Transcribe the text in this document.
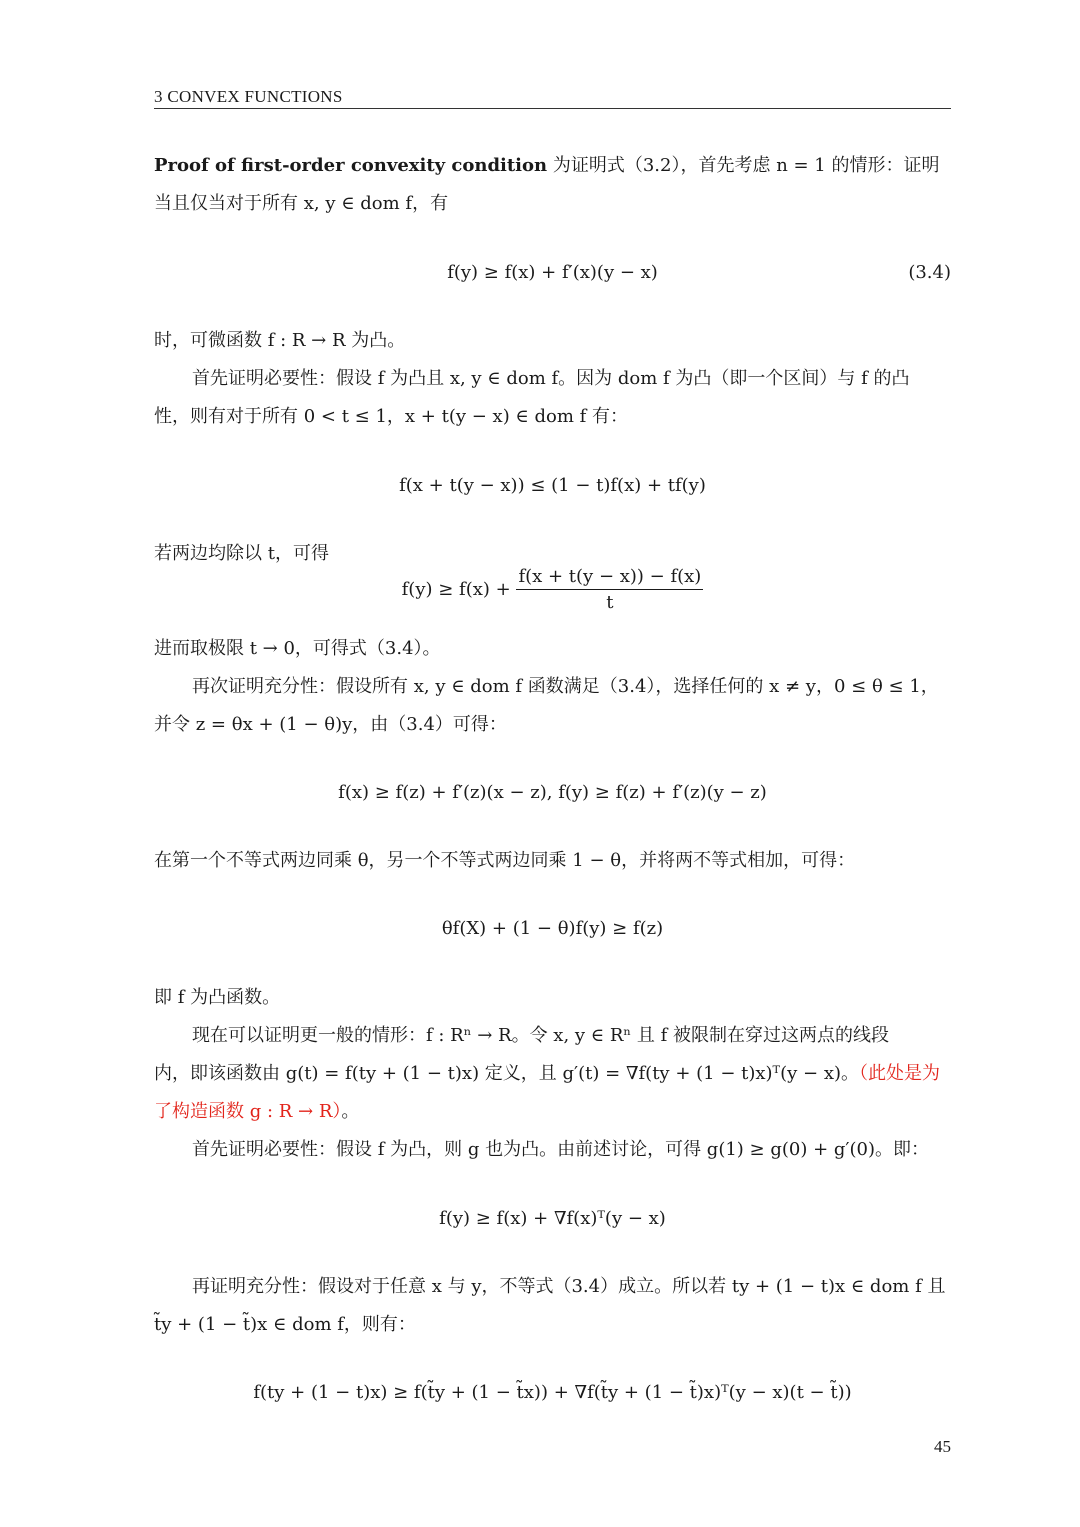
3 CONVEX FUNCTIONS
Proof of first-order convexity condition 为证明式（3.2），首先考虑 n = 1 的情形：证明
当且仅当对于所有 x, y ∈ dom f，有
f(y) ≥ f(x) + f′(x)(y − x)	(3.4)
时，可微函数 f : R → R 为凸。
首先证明必要性：假设 f 为凸且 x, y ∈ dom f。因为 dom f 为凸（即一个区间）与 f 的凸
性，则有对于所有 0 < t ≤ 1，x + t(y − x) ∈ dom f 有：
f(x + t(y − x)) ≤ (1 − t)f(x) + tf(y)
若两边均除以 t，可得
$f(y) \ge f(x) + \frac{f(x + t(y - x)) - f(x)}{t}$
进而取极限 t → 0，可得式（3.4）。
再次证明充分性：假设所有 x, y ∈ dom f 函数满足（3.4），选择任何的 x ≠ y，0 ≤ θ ≤ 1，
并令 z = θx + (1 − θ)y，由（3.4）可得：
f(x) ≥ f(z) + f′(z)(x − z), f(y) ≥ f(z) + f′(z)(y − z)
在第一个不等式两边同乘 θ，另一个不等式两边同乘 1 − θ，并将两不等式相加，可得：
θf(X) + (1 − θ)f(y) ≥ f(z)
即 f 为凸函数。
现在可以证明更一般的情形：f : Rⁿ → R。令 x, y ∈ Rⁿ 且 f 被限制在穿过这两点的线段
内，即该函数由 g(t) = f(ty + (1 − t)x) 定义，且 g′(t) = ∇f(ty + (1 − t)x)ᵀ(y − x)。（此处是为
了构造函数 g : R → R）。
首先证明必要性：假设 f 为凸，则 g 也为凸。由前述讨论，可得 g(1) ≥ g(0) + g′(0)。即：
f(y) ≥ f(x) + ∇f(x)ᵀ(y − x)
再证明充分性：假设对于任意 x 与 y，不等式（3.4）成立。所以若 ty + (1 − t)x ∈ dom f 且
t̃y + (1 − t̃)x ∈ dom f，则有：
f(ty + (1 − t)x) ≥ f(t̃y + (1 − t̃x)) + ∇f(t̃y + (1 − t̃)x)ᵀ(y − x)(t − t̃))
45
